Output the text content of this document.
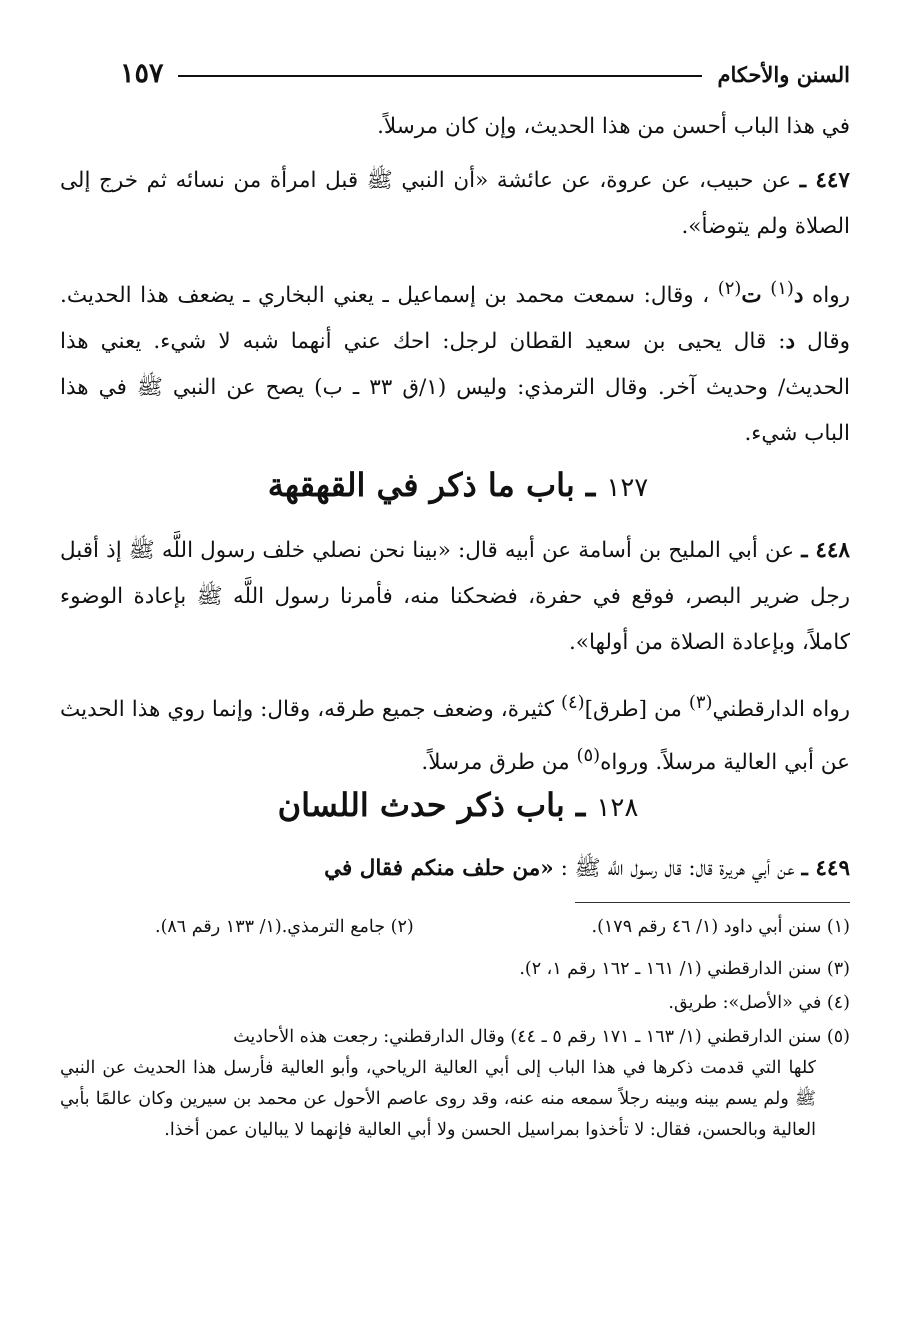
السنن والأحكام
١٥٧
في هذا الباب أحسن من هذا الحديث، وإن كان مرسلاً.
٤٤٧ ـ عن حبيب، عن عروة، عن عائشة «أن النبي ﷺ قبل امرأة من نسائه ثم خرج إلى الصلاة ولم يتوضأ».
رواه د$^{(١)}$ ت$^{(٢)}$ ، وقال: سمعت محمد بن إسماعيل ـ يعني البخاري ـ يضعف هذا الحديث. وقال د: قال يحيى بن سعيد القطان لرجل: احك عني أنهما شبه لا شيء. يعني هذا الحديث/ وحديث آخر. وقال الترمذي: وليس (١/ق ٣٣ ـ ب) يصح عن النبي ﷺ في هذا الباب شيء.
١٢٧ ـ باب ما ذكر في القهقهة
٤٤٨ ـ عن أبي المليح بن أسامة عن أبيه قال: «بينا نحن نصلي خلف رسول اللَّه ﷺ إذ أقبل رجل ضرير البصر، فوقع في حفرة، فضحكنا منه، فأمرنا رسول اللَّه ﷺ بإعادة الوضوء كاملاً، وبإعادة الصلاة من أولها».
رواه الدارقطني$^{(٣)}$ من [طرق]$^{(٤)}$ كثيرة، وضعف جميع طرقه، وقال: وإنما روي هذا الحديث عن أبي العالية مرسلاً. ورواه$^{(٥)}$ من طرق مرسلاً.
١٢٨ ـ باب ذكر حدث اللسان
٤٤٩ ـ عن أبي هريرة قال: قال رسول اللَّه ﷺ : «من حلف منكم فقال في
(١) سنن أبي داود (١/ ٤٦ رقم ١٧٩).
(٢) جامع الترمذي.(١/ ١٣٣ رقم ٨٦).
(٣) سنن الدارقطني (١/ ١٦١ ـ ١٦٢ رقم ١، ٢).
(٤) في «الأصل»: طريق.
(٥) سنن الدارقطني (١/ ١٦٣ ـ ١٧١ رقم ٥ ـ ٤٤) وقال الدارقطني: رجعت هذه الأحاديث
كلها التي قدمت ذكرها في هذا الباب إلى أبي العالية الرياحي، وأبو العالية فأرسل هذا الحديث عن النبي ﷺ ولم يسم بينه وبينه رجلاً سمعه منه عنه، وقد روى عاصم الأحول عن محمد بن سيرين وكان عالمًا بأبي العالية وبالحسن، فقال: لا تأخذوا بمراسيل الحسن ولا أبي العالية فإنهما لا يباليان عمن أخذا.
